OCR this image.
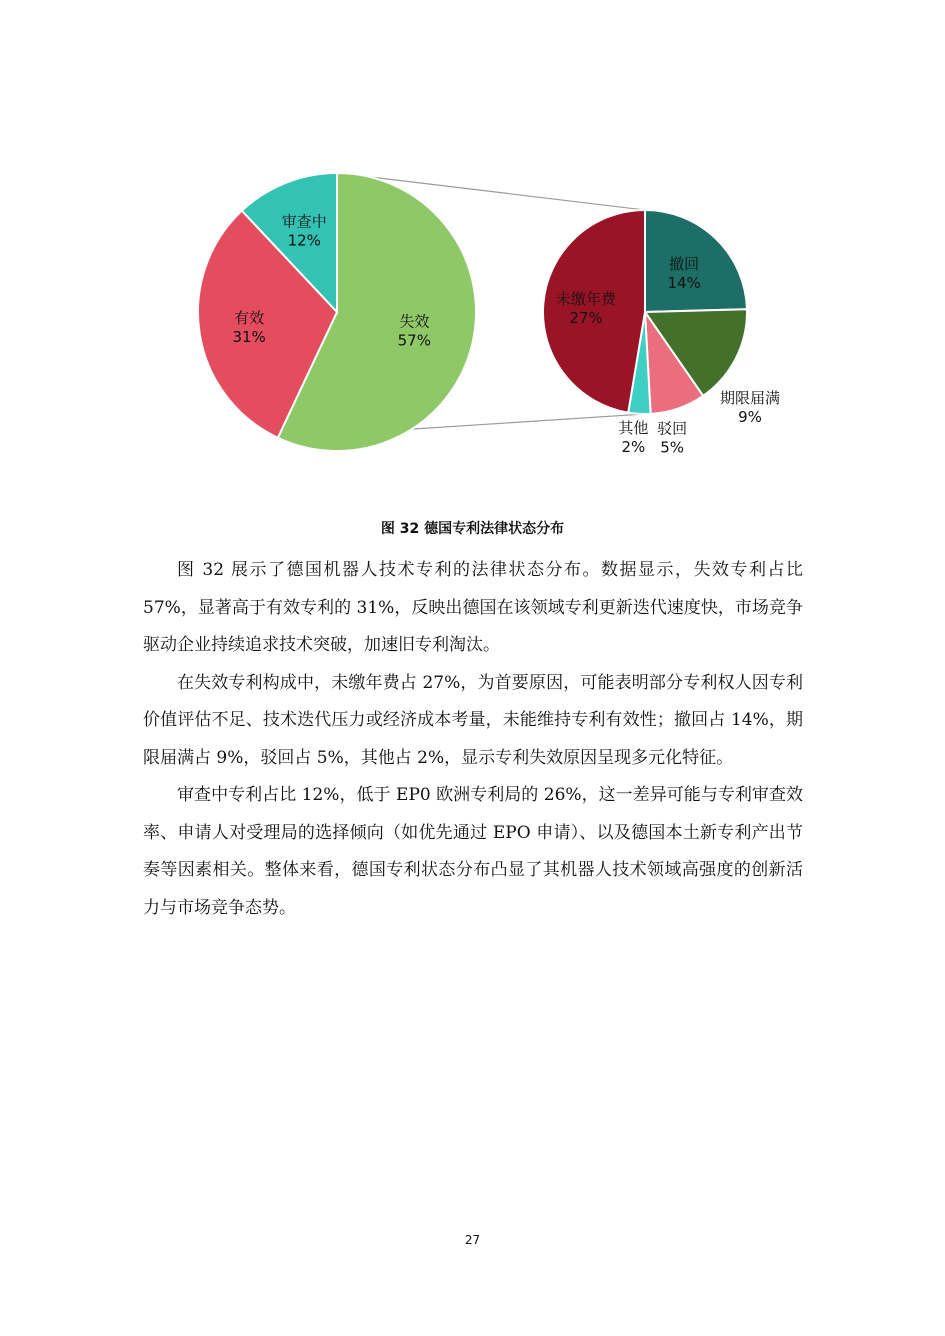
失效
57%
有效
31%
审查中
12%
撤回
14%
期限届满
9%
驳回
5%
其他
2%
未缴年费
27%
图 32 德国专利法律状态分布

图 32 展示了德国机器人技术专利的法律状态分布。数据显示，失效专利占比 57%，显著高于有效专利的 31%，反映出德国在该领域专利更新迭代速度快，市场竞争驱动企业持续追求技术突破，加速旧专利淘汰。

在失效专利构成中，未缴年费占 27%，为首要原因，可能表明部分专利权人因专利价值评估不足、技术迭代压力或经济成本考量，未能维持专利有效性；撤回占 14%，期限届满占 9%，驳回占 5%，其他占 2%，显示专利失效原因呈现多元化特征。

审查中专利占比 12%，低于 EP0 欧洲专利局的 26%，这一差异可能与专利审查效率、申请人对受理局的选择倾向（如优先通过 EPO 申请）、以及德国本土新专利产出节奏等因素相关。整体来看，德国专利状态分布凸显了其机器人技术领域高强度的创新活力与市场竞争态势。

27
